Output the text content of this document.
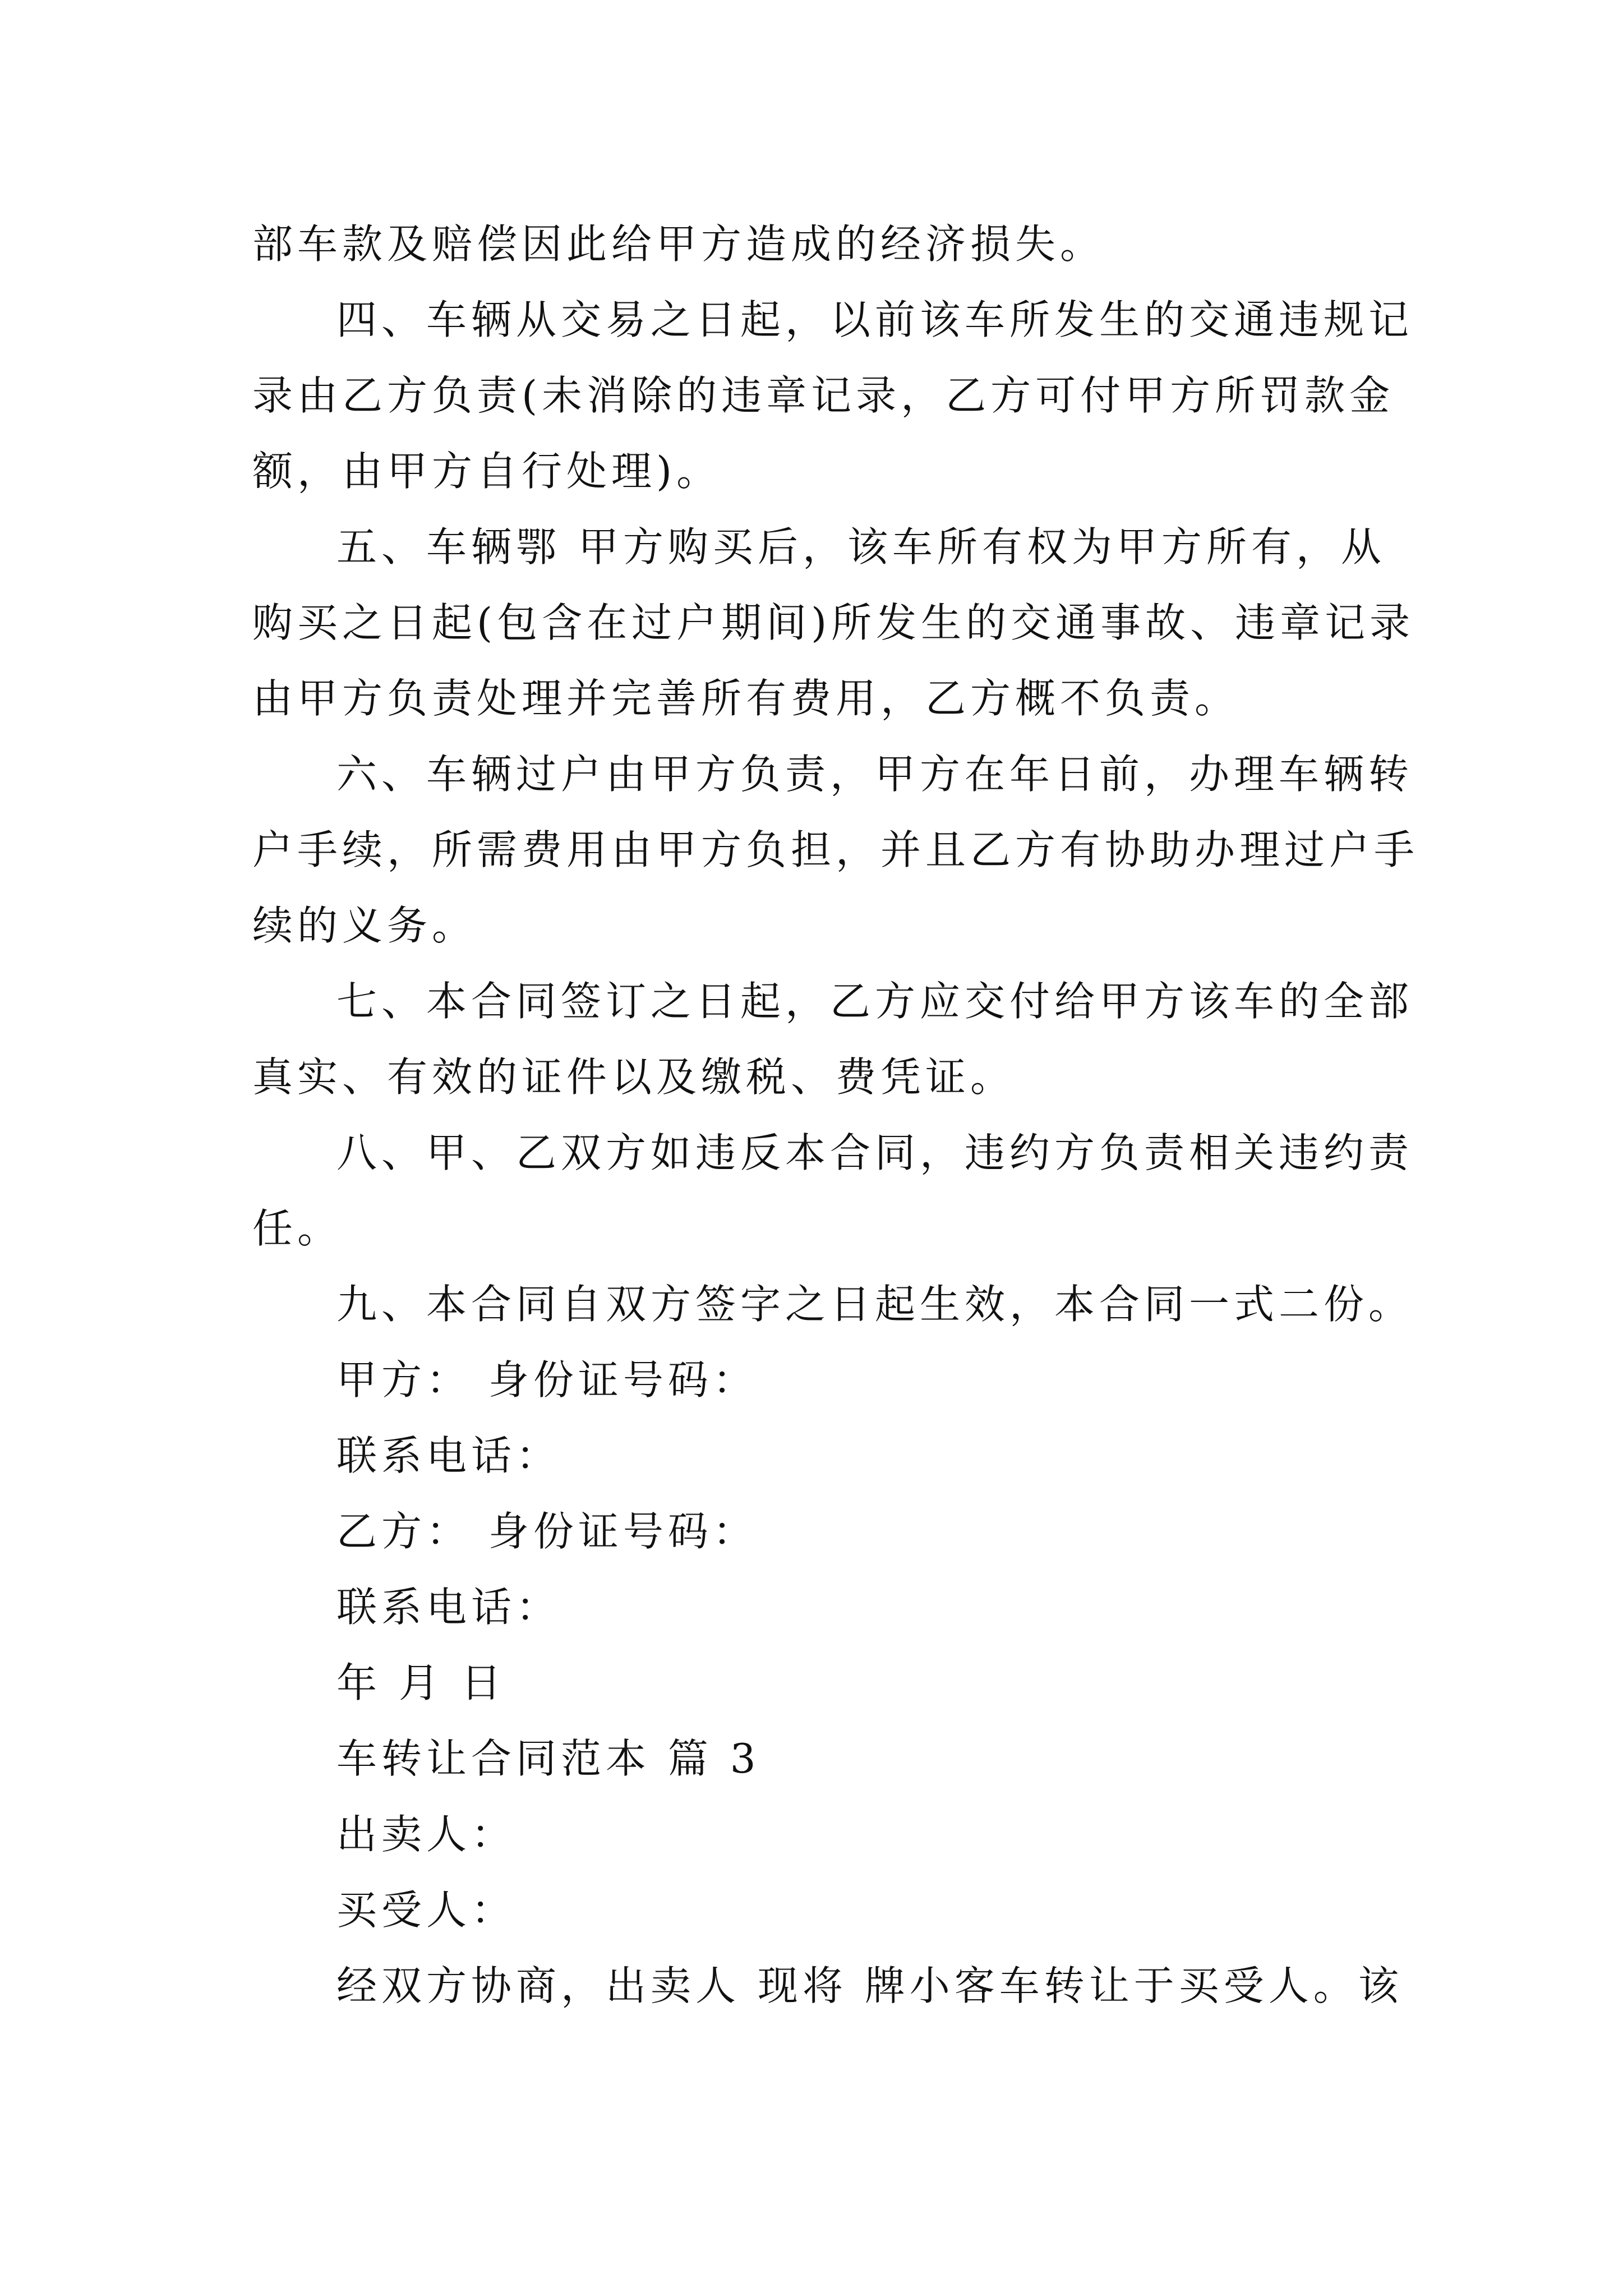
部车款及赔偿因此给甲方造成的经济损失。
四、车辆从交易之日起，以前该车所发生的交通违规记
录由乙方负责(未消除的违章记录，乙方可付甲方所罚款金
额，由甲方自行处理)。
五、车辆鄂 甲方购买后，该车所有权为甲方所有，从
购买之日起(包含在过户期间)所发生的交通事故、违章记录
由甲方负责处理并完善所有费用，乙方概不负责。
六、车辆过户由甲方负责，甲方在年日前，办理车辆转
户手续，所需费用由甲方负担，并且乙方有协助办理过户手
续的义务。
七、本合同签订之日起，乙方应交付给甲方该车的全部
真实、有效的证件以及缴税、费凭证。
八、甲、乙双方如违反本合同，违约方负责相关违约责
任。
九、本合同自双方签字之日起生效，本合同一式二份。
甲方： 身份证号码：
联系电话：
乙方： 身份证号码：
联系电话：
年 月 日
车转让合同范本 篇 3
出卖人：
买受人：
经双方协商，出卖人 现将 牌小客车转让于买受人。该
